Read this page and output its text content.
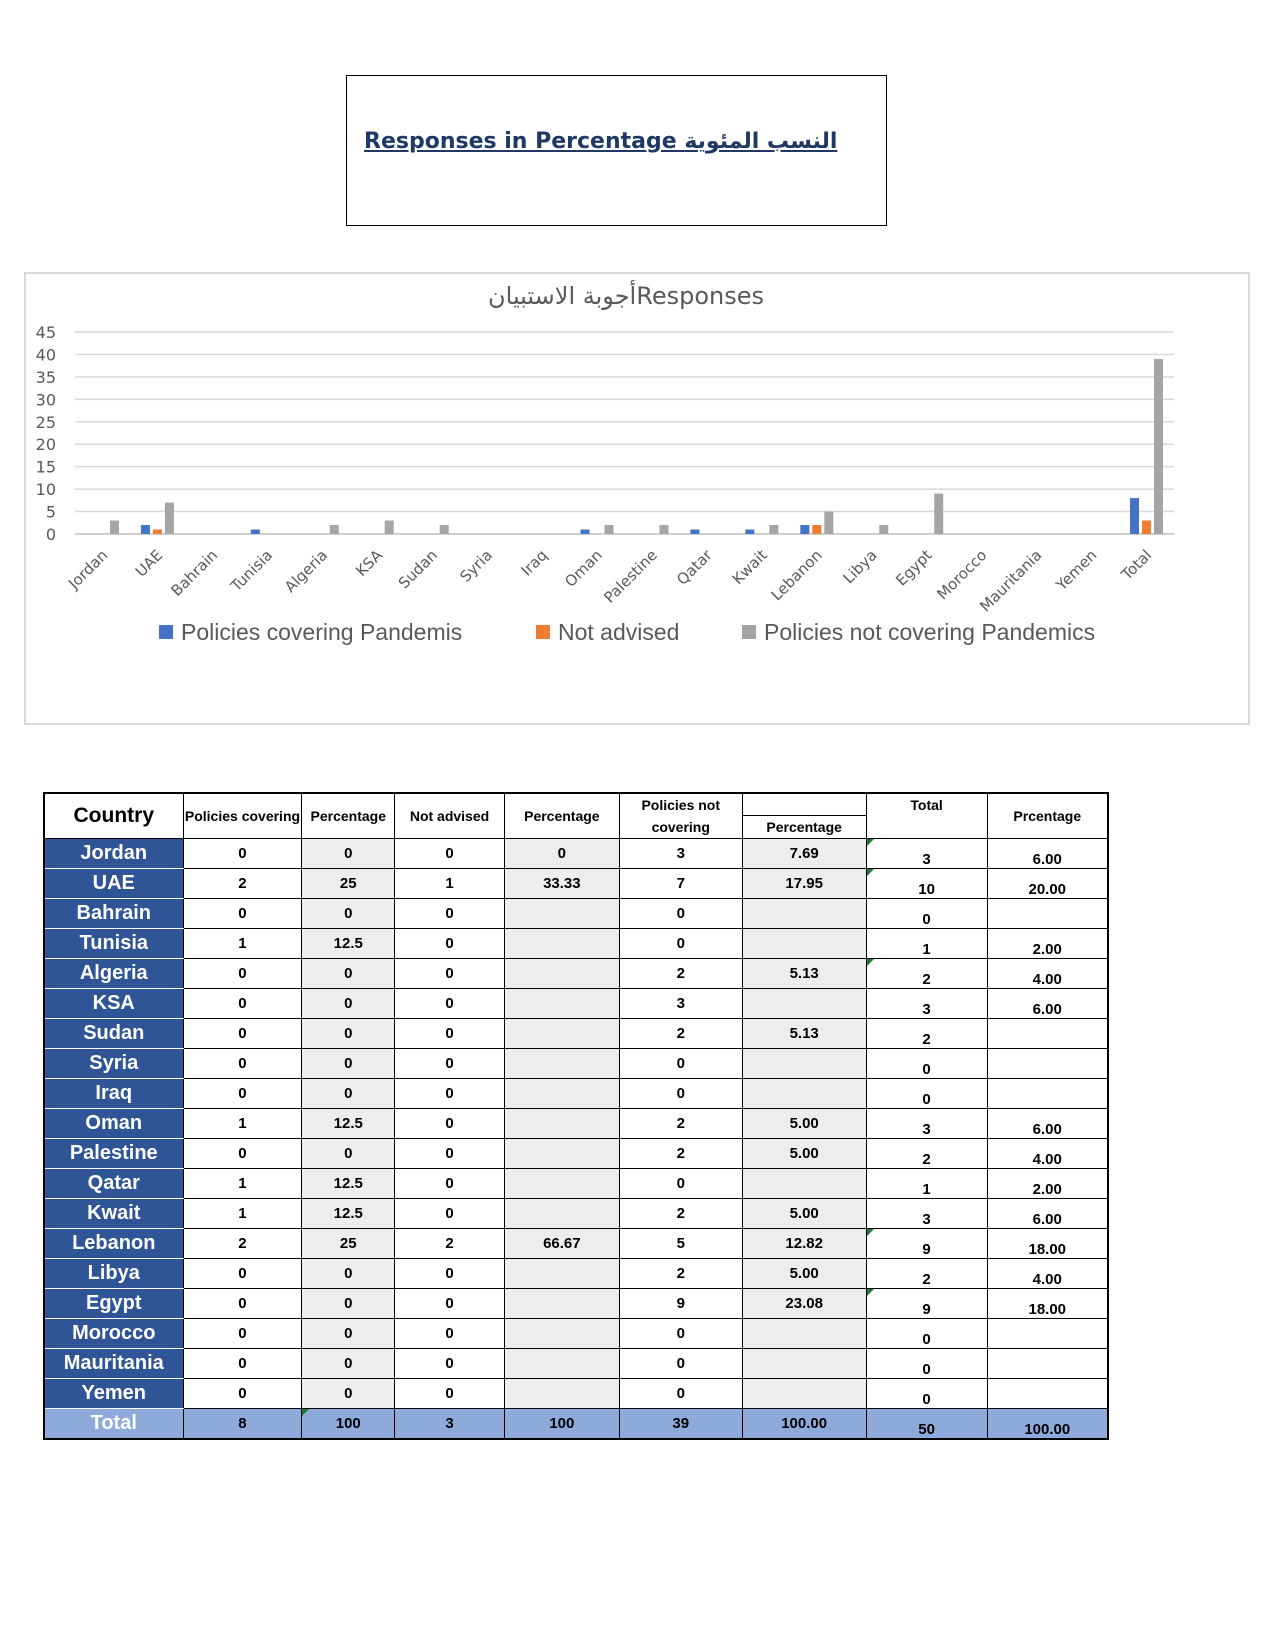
Responses in Percentage النسب المئوية
أجوبة الاستبيانResponses
0
5
10
15
20
25
30
35
40
45
Jordan UAE Bahrain Tunisia Algeria KSA Sudan Syria Iraq Oman
Palestine Qatar Kwait
Lebanon Libya Egypt
Morocco
Mauritania Yemen Total
Policies covering Pandemis	Not advised	Policies not covering Pandemics
Country	Policies covering	Percentage	Not advised	Percentage	Policies not covering	Percentage	Total	Prcentage
Jordan	0	0	0	0	3	7.69	3	6.00
UAE	2	25	1	33.33	7	17.95	10	20.00
Bahrain	0	0	0		0		0	
Tunisia	1	12.5	0		0		1	2.00
Algeria	0	0	0		2	5.13	2	4.00
KSA	0	0	0		3		3	6.00
Sudan	0	0	0		2	5.13	2	
Syria	0	0	0		0		0	
Iraq	0	0	0		0		0	
Oman	1	12.5	0		2	5.00	3	6.00
Palestine	0	0	0		2	5.00	2	4.00
Qatar	1	12.5	0		0		1	2.00
Kwait	1	12.5	0		2	5.00	3	6.00
Lebanon	2	25	2	66.67	5	12.82	9	18.00
Libya	0	0	0		2	5.00	2	4.00
Egypt	0	0	0		9	23.08	9	18.00
Morocco	0	0	0		0		0	
Mauritania	0	0	0		0		0	
Yemen	0	0	0		0		0	
Total	8	100	3	100	39	100.00	50	100.00
